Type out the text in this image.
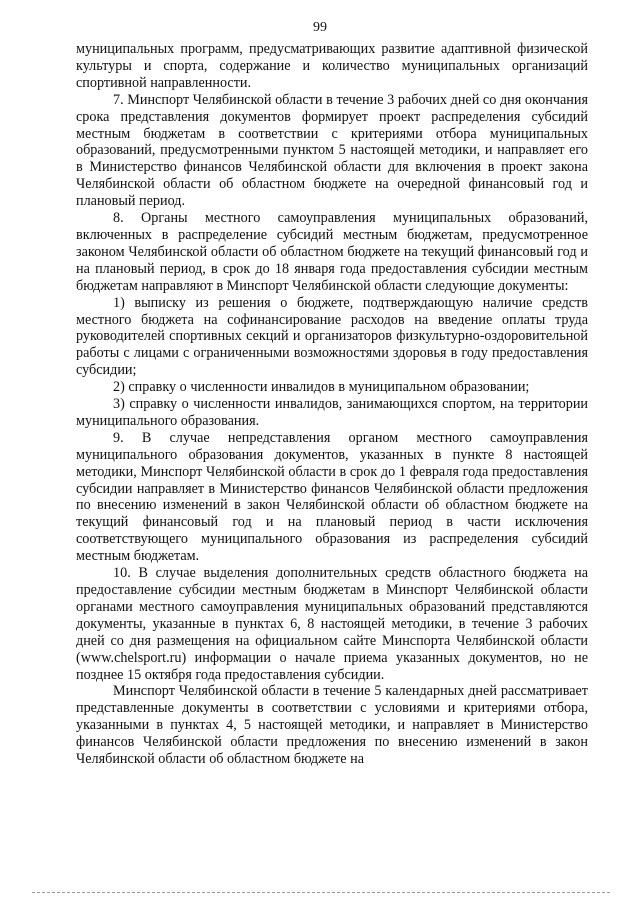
99

муниципальных программ, предусматривающих развитие адаптивной физической культуры и спорта, содержание и количество муниципальных организаций спортивной направленности.

7. Минспорт Челябинской области в течение 3 рабочих дней со дня окончания срока представления документов формирует проект распределения субсидий местным бюджетам в соответствии с критериями отбора муниципальных образований, предусмотренными пунктом 5 настоящей методики, и направляет его в Министерство финансов Челябинской области для включения в проект закона Челябинской области об областном бюджете на очередной финансовый год и плановый период.

8. Органы местного самоуправления муниципальных образований, включенных в распределение субсидий местным бюджетам, предусмотренное законом Челябинской области об областном бюджете на текущий финансовый год и на плановый период, в срок до 18 января года предоставления субсидии местным бюджетам направляют в Минспорт Челябинской области следующие документы:

1) выписку из решения о бюджете, подтверждающую наличие средств местного бюджета на софинансирование расходов на введение оплаты труда руководителей спортивных секций и организаторов физкультурно-оздоровительной работы с лицами с ограниченными возможностями здоровья в году предоставления субсидии;

2) справку о численности инвалидов в муниципальном образовании;

3) справку о численности инвалидов, занимающихся спортом, на территории муниципального образования.

9. В случае непредставления органом местного самоуправления муниципального образования документов, указанных в пункте 8 настоящей методики, Минспорт Челябинской области в срок до 1 февраля года предоставления субсидии направляет в Министерство финансов Челябинской области предложения по внесению изменений в закон Челябинской области об областном бюджете на текущий финансовый год и на плановый период в части исключения соответствующего муниципального образования из распределения субсидий местным бюджетам.

10. В случае выделения дополнительных средств областного бюджета на предоставление субсидии местным бюджетам в Минспорт Челябинской области органами местного самоуправления муниципальных образований представляются документы, указанные в пунктах 6, 8 настоящей методики, в течение 3 рабочих дней со дня размещения на официальном сайте Минспорта Челябинской области (www.chelsport.ru) информации о начале приема указанных документов, но не позднее 15 октября года предоставления субсидии.

Минспорт Челябинской области в течение 5 календарных дней рассматривает представленные документы в соответствии с условиями и критериями отбора, указанными в пунктах 4, 5 настоящей методики, и направляет в Министерство финансов Челябинской области предложения по внесению изменений в закон Челябинской области об областном бюджете на
